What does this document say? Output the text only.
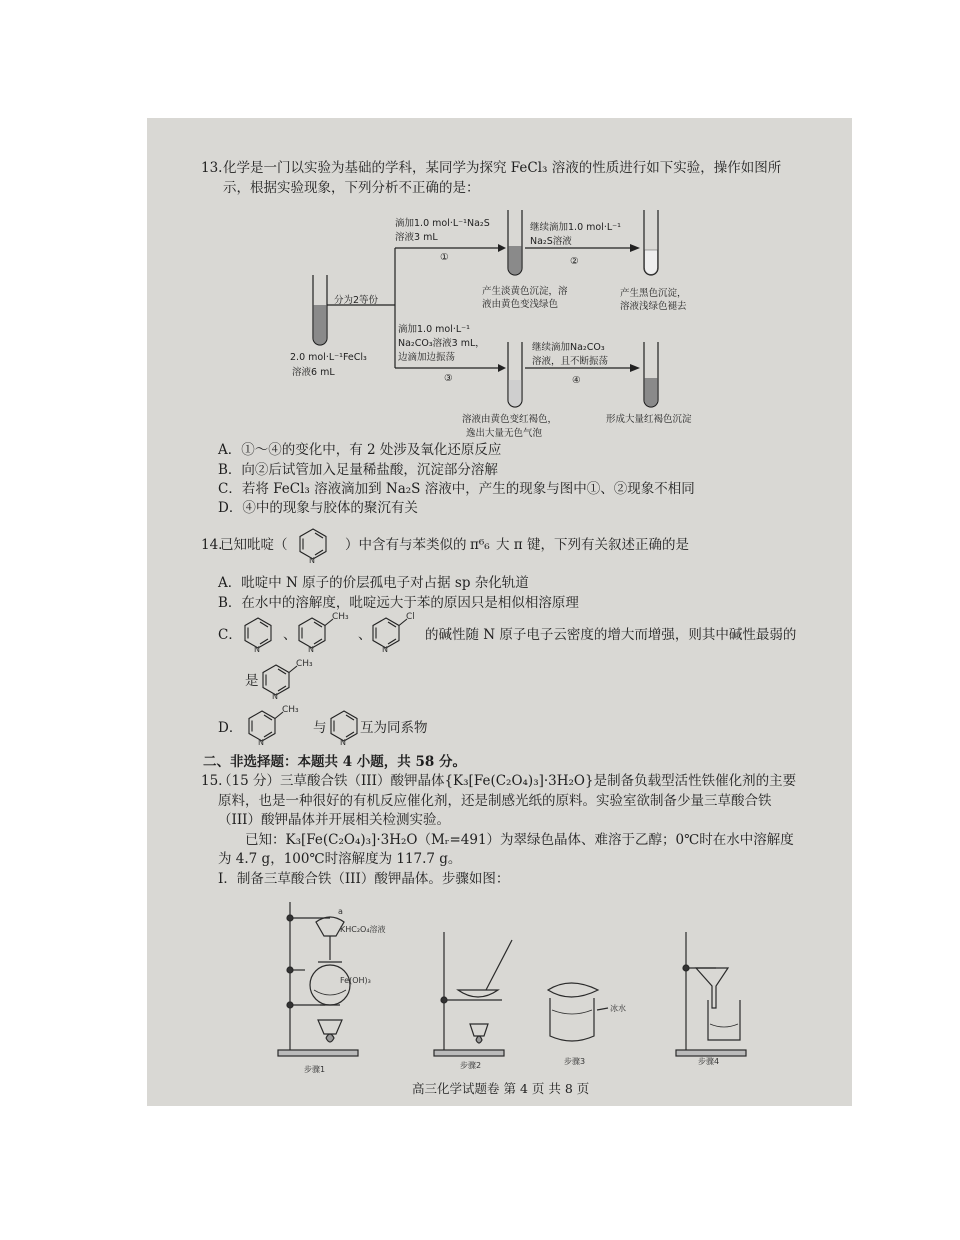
13. 化学是一门以实验为基础的学科，某同学为探究 FeCl₃ 溶液的性质进行如下实验，操作如图所
示，根据实验现象，下列分析不正确的是：
2.0 mol·L⁻¹FeCl₃
溶液6 mL
分为2等份
滴加1.0 mol·L⁻¹Na₂S
溶液3 mL
①
产生淡黄色沉淀，溶
液由黄色变浅绿色
继续滴加1.0 mol·L⁻¹
Na₂S溶液
②
产生黑色沉淀，
溶液浅绿色褪去
滴加1.0 mol·L⁻¹
Na₂CO₃溶液3 mL，
边滴加边振荡
③
溶液由黄色变红褐色，
逸出大量无色气泡
继续滴加Na₂CO₃
溶液，且不断振荡
④
形成大量红褐色沉淀
A．①～④的变化中，有 2 处涉及氧化还原反应
B．向②后试管加入足量稀盐酸，沉淀部分溶解
C．若将 FeCl₃ 溶液滴加到 Na₂S 溶液中，产生的现象与图中①、②现象不相同
D．④中的现象与胶体的聚沉有关
14.
已知吡啶（	）中含有与苯类似的 π⁶₆ 大 π 键，下列有关叙述正确的是
N
N	N	N
N
N	N
CH₃	Cl
CH₃
CH₃
A．吡啶中 N 原子的价层孤电子对占据 sp 杂化轨道
B．在水中的溶解度，吡啶远大于苯的原因只是相似相溶原理
C．	、	、	的碱性随 N 原子电子云密度的增大而增强，则其中碱性最弱的
是
D．	与 互为同系物
二、非选择题：本题共 4 小题，共 58 分。
15.
（15 分）三草酸合铁（III）酸钾晶体{K₃[Fe(C₂O₄)₃]·3H₂O}是制备负载型活性铁催化剂的主要
原料，也是一种很好的有机反应催化剂，还是制感光纸的原料。实验室欲制备少量三草酸合铁
（III）酸钾晶体并开展相关检测实验。
已知：K₃[Fe(C₂O₄)₃]·3H₂O（Mᵣ=491）为翠绿色晶体、难溶于乙醇；0℃时在水中溶解度
为 4.7 g，100℃时溶解度为 117.7 g。
I．制备三草酸合铁（III）酸钾晶体。步骤如图：
a
KHC₂O₄溶液
Fe(OH)₃
冰水
步骤1	步骤2	步骤3	步骤4
高三化学试题卷 第 4 页 共 8 页
